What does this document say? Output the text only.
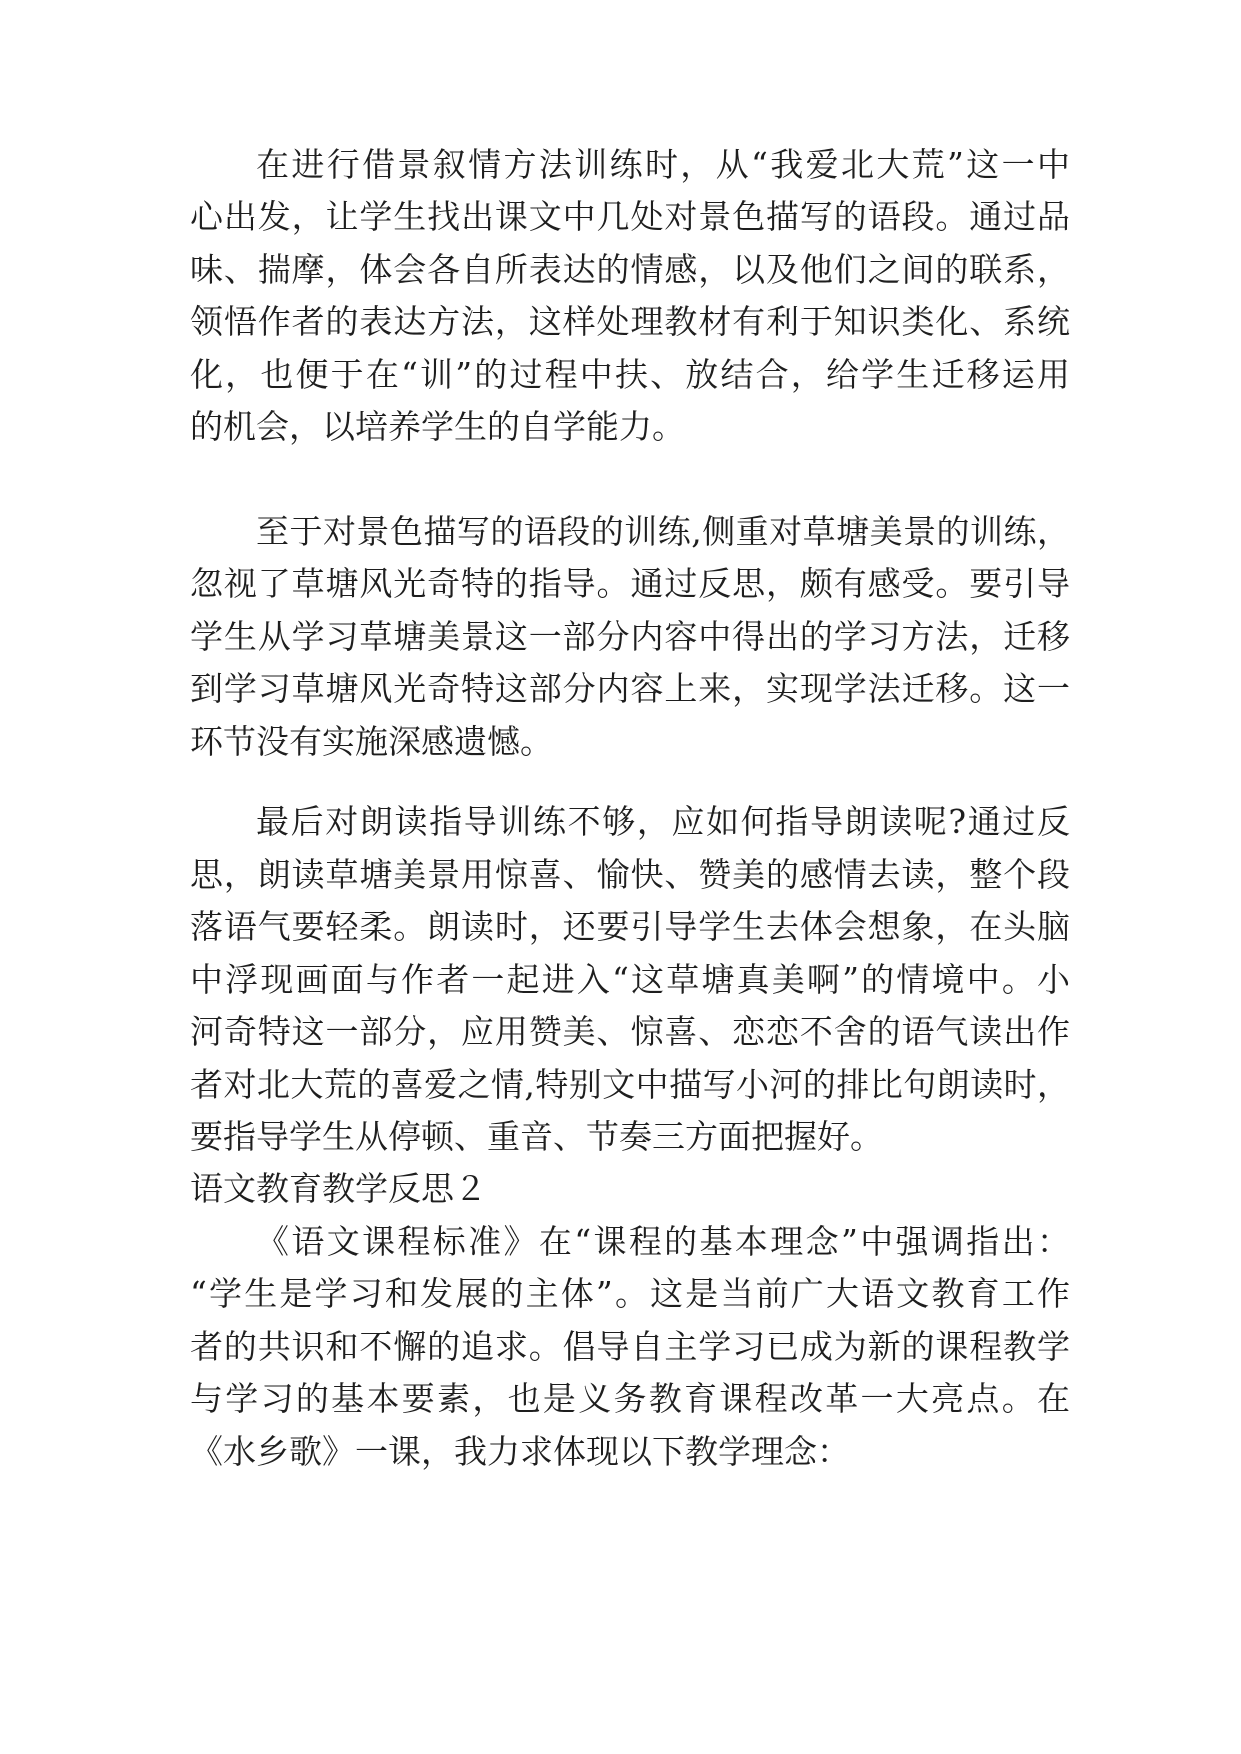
在进行借景叙情方法训练时，从“我爱北大荒”这一中
心出发，让学生找出课文中几处对景色描写的语段。通过品
味、揣摩，体会各自所表达的情感，以及他们之间的联系，
领悟作者的表达方法，这样处理教材有利于知识类化、系统
化，也便于在“训”的过程中扶、放结合，给学生迁移运用
的机会，以培养学生的自学能力。
至于对景色描写的语段的训练,侧重对草塘美景的训练，
忽视了草塘风光奇特的指导。通过反思，颇有感受。要引导
学生从学习草塘美景这一部分内容中得出的学习方法，迁移
到学习草塘风光奇特这部分内容上来，实现学法迁移。这一
环节没有实施深感遗憾。
最后对朗读指导训练不够，应如何指导朗读呢?通过反
思，朗读草塘美景用惊喜、愉快、赞美的感情去读，整个段
落语气要轻柔。朗读时，还要引导学生去体会想象，在头脑
中浮现画面与作者一起进入“这草塘真美啊”的情境中。小
河奇特这一部分，应用赞美、惊喜、恋恋不舍的语气读出作
者对北大荒的喜爱之情,特别文中描写小河的排比句朗读时，
要指导学生从停顿、重音、节奏三方面把握好。
语文教育教学反思２
《语文课程标准》在“课程的基本理念”中强调指出：
“学生是学习和发展的主体”。这是当前广大语文教育工作
者的共识和不懈的追求。倡导自主学习已成为新的课程教学
与学习的基本要素，也是义务教育课程改革一大亮点。在
《水乡歌》一课，我力求体现以下教学理念：
